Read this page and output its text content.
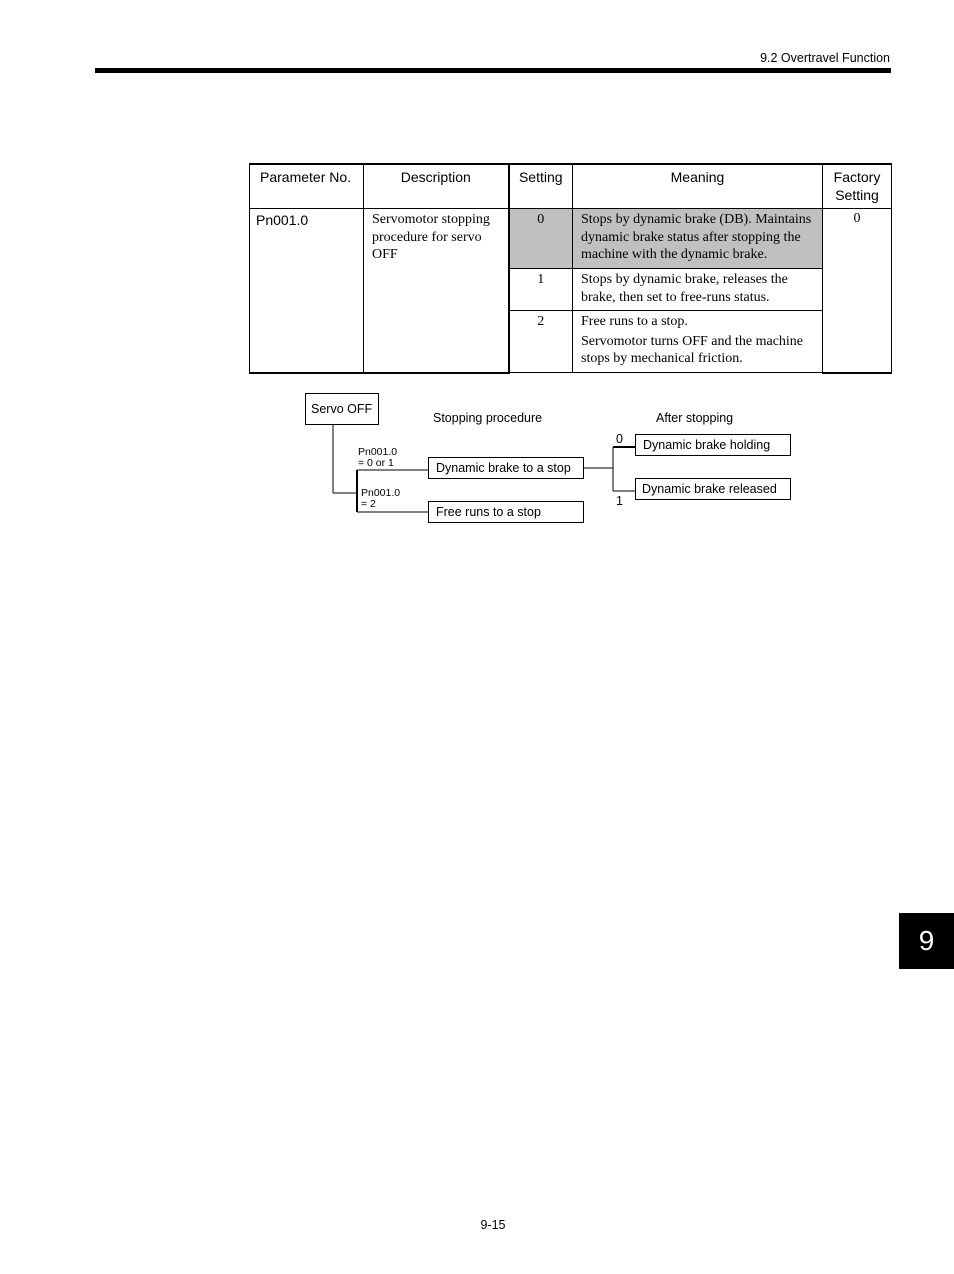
9.2 Overtravel Function
Parameter No.	Description	Setting	Meaning	Factory
Setting
Pn001.0	Servomotor stopping procedure for servo OFF	0	Stops by dynamic brake (DB). Maintains dynamic brake status after stopping the machine with the dynamic brake.	0
		1	Stops by dynamic brake, releases the brake, then set to free-runs status.	

		2	Free runs to a stop.

Servomotor turns OFF and the machine stops by mechanical friction.	

Servo OFF
Stopping procedure	After stopping
Pn001.0
= 0 or 1
Pn001.0
= 2
Dynamic brake to a stop
Free runs to a stop
0
1
Dynamic brake holding
Dynamic brake released
9
9-15
